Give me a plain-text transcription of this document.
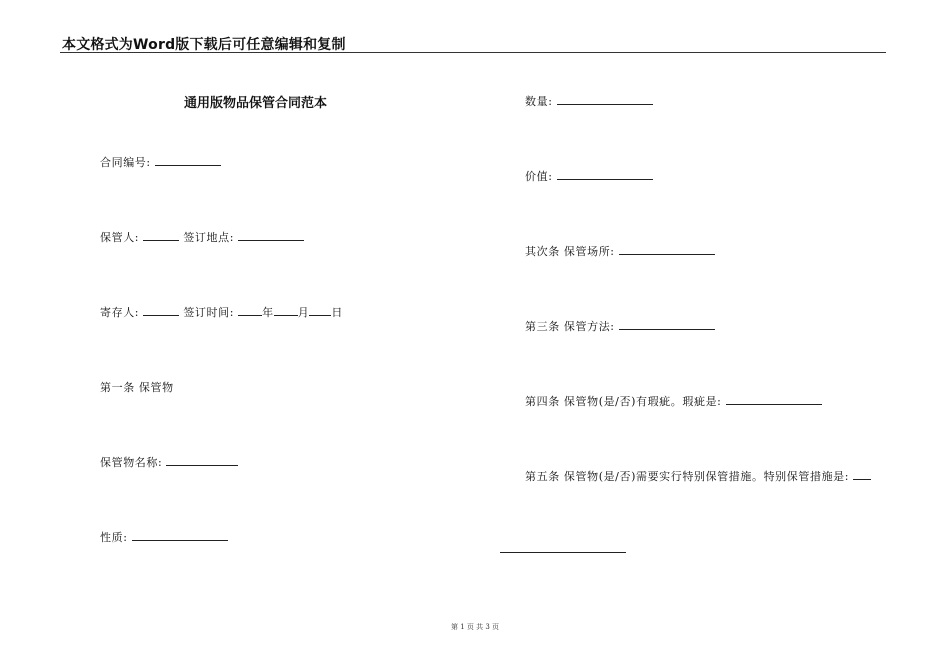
本文格式为Word版下载后可任意编辑和复制
通用版物品保管合同范本
合同编号:
保管人:	签订地点:
寄存人:	签订时间:	年 月 日
第一条 保管物
保管物名称:
性质:
数量:
价值:
其次条 保管场所:
第三条 保管方法:
第四条 保管物(是/否)有瑕疵。瑕疵是:
第五条 保管物(是/否)需要实行特别保管措施。特别保管措施是:
第 1 页 共 3 页
